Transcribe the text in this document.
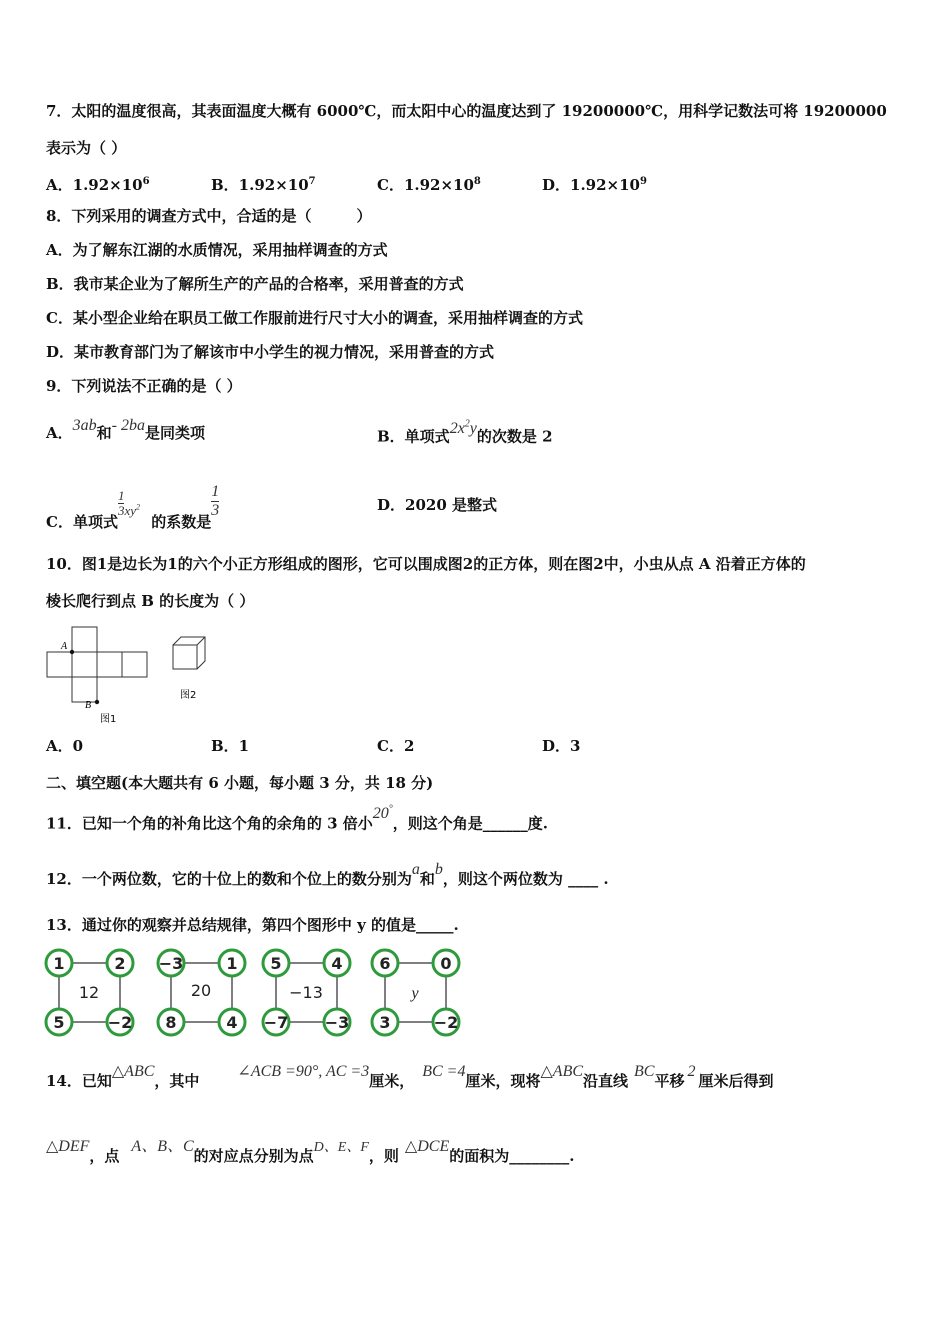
7．太阳的温度很高，其表面温度大概有 6000℃，而太阳中心的温度达到了 19200000℃，用科学记数法可将 19200000
表示为（ ）
A．$1.92\times 10^6$	B．$1.92\times 10^7$	C．$1.92\times 10^8$	D．$1.92\times 10^9$
8．下列采用的调查方式中，合适的是（　　　）
A．为了解东江湖的水质情况，采用抽样调查的方式
B．我市某企业为了解所生产的产品的合格率，采用普查的方式
C．某小型企业给在职员工做工作服前进行尺寸大小的调查，采用抽样调查的方式
D．某市教育部门为了解该市中小学生的视力情况，采用普查的方式
9．下列说法不正确的是（ ）
A．3ab和- 2ba是同类项	B．单项式$2x^2y$的次数是 2
C．单项式
$\frac{1}{3} xy^2$ 的系数是
$\frac{1}{3}$	D．2020 是整式
10．图1是边长为1的六个小正方形组成的图形，它可以围成图2的正方体，则在图2中，小虫从点 A 沿着正方体的
棱长爬行到点 B 的长度为（ ）
A
B
图1
图2
A．0	B．1	C．2	D．3
二、填空题(本大题共有 6 小题，每小题 3 分，共 18 分)
11．已知一个角的补角比这个角的余角的 3 倍小20°，则这个角是______度.
12．一个两位数，它的十位上的数和个位上的数分别为a和b，则这个两位数为 ____ .
13．通过你的观察并总结规律，第四个图形中 y 的值是_____.
1	2
5	−2
12
−3	1
8	4
20
5	4
−7 −3
−13
6	0
3	−2
y
14．已知△ABC，其中∠ACB =90°, AC =3厘米，BC =4厘米，现将△ABC沿直线BC平移2厘米后得到
△DEF，点A、B、C的对应点分别为点D、E、F，则△DCE的面积为________.
